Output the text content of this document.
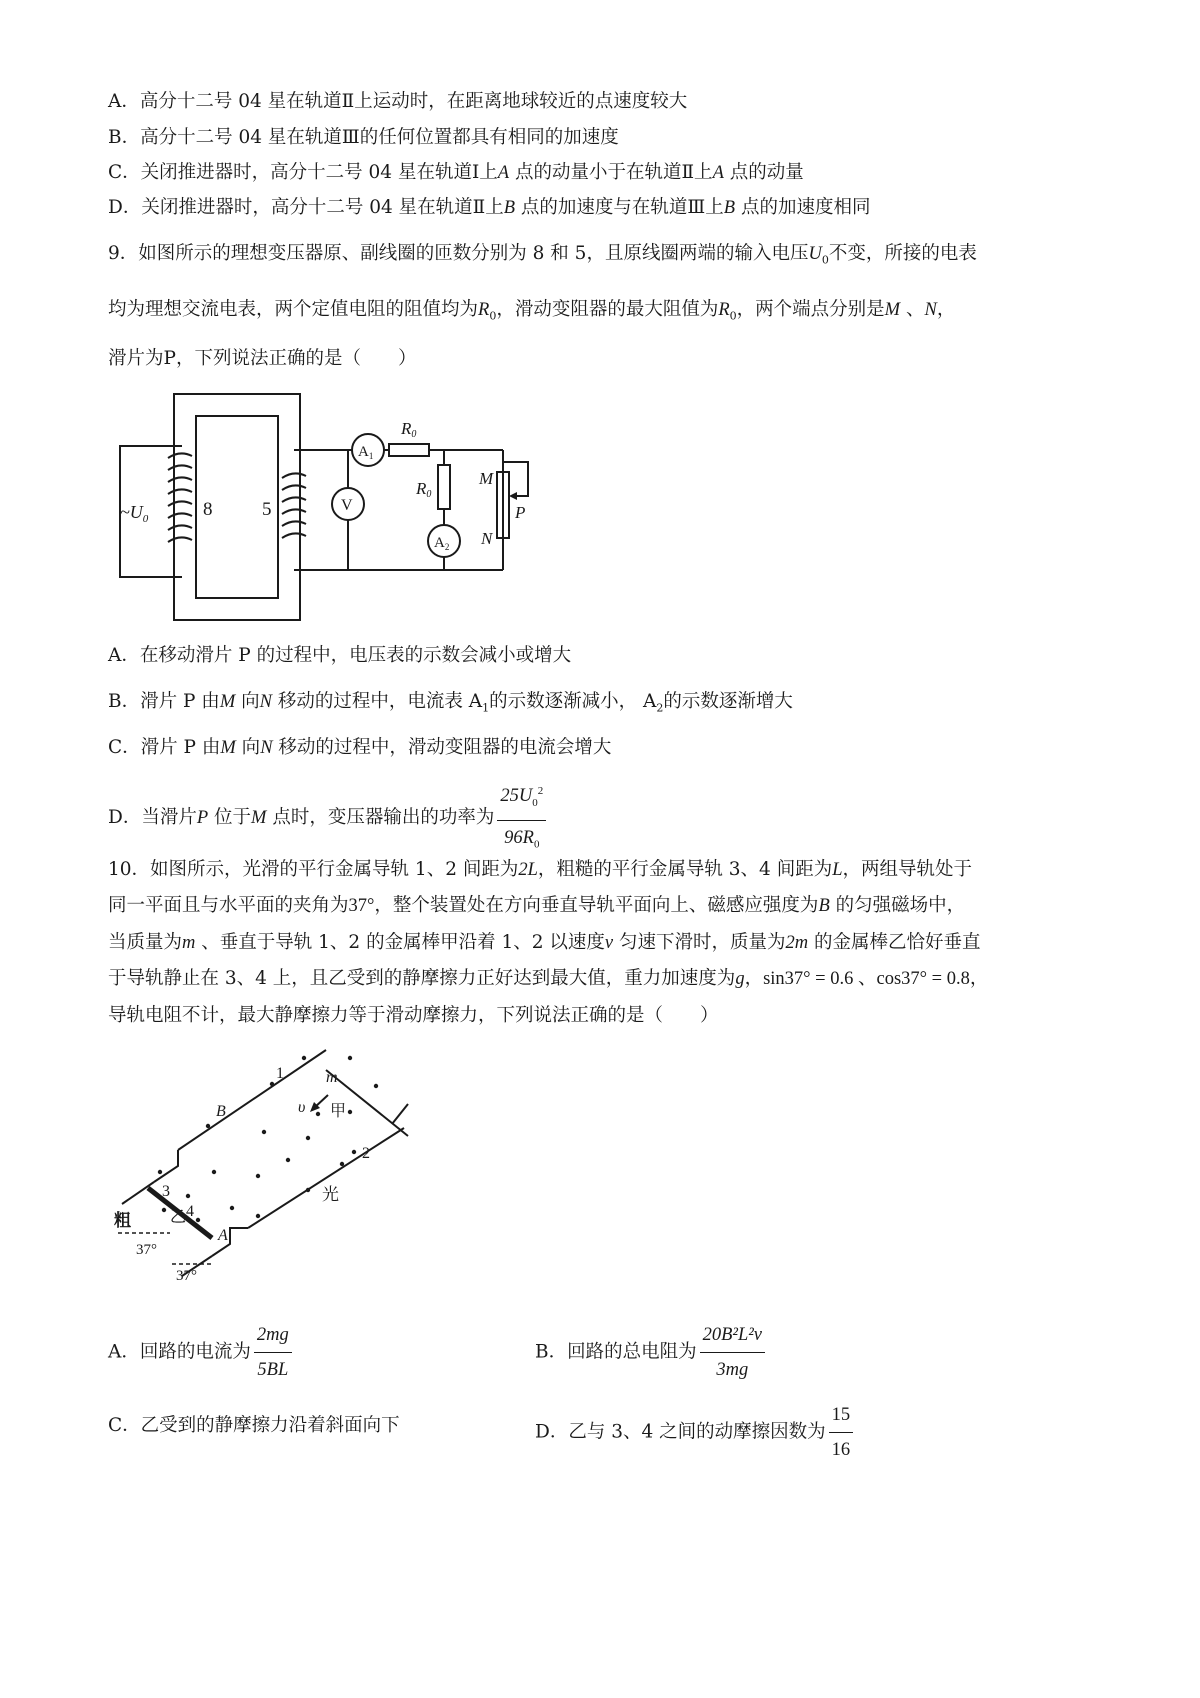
A．高分十二号 04 星在轨道Ⅱ上运动时，在距离地球较近的点速度较大
B．高分十二号 04 星在轨道Ⅲ的任何位置都具有相同的加速度
C．关闭推进器时，高分十二号 04 星在轨道Ⅰ上A 点的动量小于在轨道Ⅱ上A 点的动量
D．关闭推进器时，高分十二号 04 星在轨道Ⅱ上B 点的加速度与在轨道Ⅲ上B 点的加速度相同
9．如图所示的理想变压器原、副线圈的匝数分别为 8 和 5，且原线圈两端的输入电压$U_0$不变，所接的电表
均为理想交流电表，两个定值电阻的阻值均为$R_0$，滑动变阻器的最大阻值为$R_0$，两个端点分别是M 、N，
滑片为P，下列说法正确的是（　　）
$\sim U_0$	8	5
$A_1$
V
$A_2$
R0
R0
M
N
P
A．在移动滑片 P 的过程中，电压表的示数会减小或增大
B．滑片 P 由M 向N 移动的过程中，电流表 $A_1$的示数逐渐减小， $A_2$的示数逐渐增大
C．滑片 P 由M 向N 移动的过程中，滑动变阻器的电流会增大
D．当滑片P 位于M 点时，变压器输出的功率为 $\frac{25U_0^2}{96R_0}$
10．如图所示，光滑的平行金属导轨 1、2 间距为2L，粗糙的平行金属导轨 3、4 间距为L，两组导轨处于
同一平面且与水平面的夹角为37°，整个装置处在方向垂直导轨平面向上、磁感应强度为B 的匀强磁场中，
当质量为m 、垂直于导轨 1、2 的金属棒甲沿着 1、2 以速度v 匀速下滑时，质量为2m 的金属棒乙恰好垂直
于导轨静止在 3、4 上，且乙受到的静摩擦力正好达到最大值，重力加速度为g，sin37° = 0.6 、cos37° = 0.8，
导轨电阻不计，最大静摩擦力等于滑动摩擦力，下列说法正确的是（　　）
1
2
3
4
m
υ 甲
乙
B
A
粗
光
37°
37°
A．回路的电流为 $\frac{2mg}{5BL}$	B．回路的总电阻为 $\frac{\text{20B²L²v}}{3mg}$
C．乙受到的静摩擦力沿着斜面向下	D．乙与 3、4 之间的动摩擦因数为 $\frac{15}{16}$
